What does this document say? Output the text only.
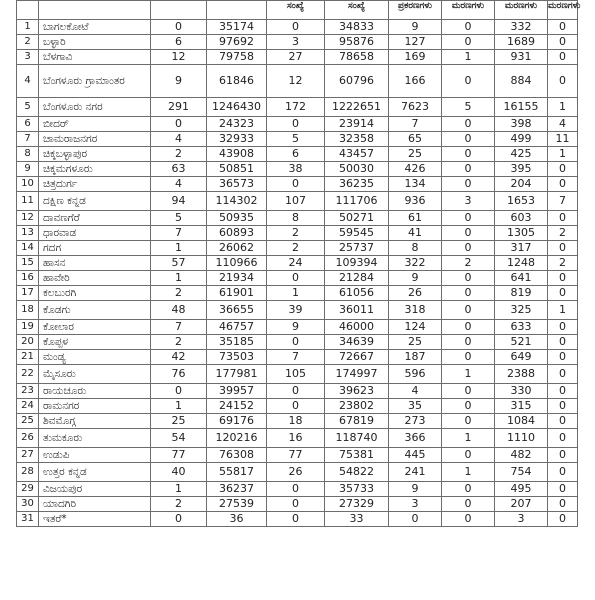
				ಸಂಖ್ಯೆ	ಸಂಖ್ಯೆ	ಪ್ರಕರಣಗಳು	ಮರಣಗಳು	ಮರಣಗಳು	ಮರಣಗಳು
1	ಬಾಗಲಕೋಟೆ	0	35174	0	34833	9	0	332	0
2	ಬಳ್ಳಾರಿ	6	97692	3	95876	127	0	1689	0
3	ಬೆಳಗಾವಿ	12	79758	27	78658	169	1	931	0
4	ಬೆಂಗಳೂರು ಗ್ರಾಮಾಂತರ	9	61846	12	60796	166	0	884	0
5	ಬೆಂಗಳೂರು ನಗರ	291	1246430	172	1222651	7623	5	16155	1
6	ಬೀದರ್	0	24323	0	23914	7	0	398	4
7	ಚಾಮರಾಜನಗರ	4	32933	5	32358	65	0	499	11
8	ಚಿಕ್ಕಬಳ್ಳಾಪುರ	2	43908	6	43457	25	0	425	1
9	ಚಿಕ್ಕಮಗಳೂರು	63	50851	38	50030	426	0	395	0
10	ಚಿತ್ರದುರ್ಗ	4	36573	0	36235	134	0	204	0
11	ದಕ್ಷಿಣ ಕನ್ನಡ	94	114302	107	111706	936	3	1653	7
12	ದಾವಣಗೆರೆ	5	50935	8	50271	61	0	603	0
13	ಧಾರವಾಡ	7	60893	2	59545	41	0	1305	2
14	ಗದಗ	1	26062	2	25737	8	0	317	0
15	ಹಾಸನ	57	110966	24	109394	322	2	1248	2
16	ಹಾವೇರಿ	1	21934	0	21284	9	0	641	0
17	ಕಲಬುರಗಿ	2	61901	1	61056	26	0	819	0
18	ಕೊಡಗು	48	36655	39	36011	318	0	325	1
19	ಕೋಲಾರ	7	46757	9	46000	124	0	633	0
20	ಕೊಪ್ಪಳ	2	35185	0	34639	25	0	521	0
21	ಮಂಡ್ಯ	42	73503	7	72667	187	0	649	0
22	ಮೈಸೂರು	76	177981	105	174997	596	1	2388	0
23	ರಾಯಚೂರು	0	39957	0	39623	4	0	330	0
24	ರಾಮನಗರ	1	24152	0	23802	35	0	315	0
25	ಶಿವಮೊಗ್ಗ	25	69176	18	67819	273	0	1084	0
26	ತುಮಕೂರು	54	120216	16	118740	366	1	1110	0
27	ಉಡುಪಿ	77	76308	77	75381	445	0	482	0
28	ಉತ್ತರ ಕನ್ನಡ	40	55817	26	54822	241	1	754	0
29	ವಿಜಯಪುರ	1	36237	0	35733	9	0	495	0
30	ಯಾದಗಿರಿ	2	27539	0	27329	3	0	207	0
31	ಇತರೆ*	0	36	0	33	0	0	3	0
